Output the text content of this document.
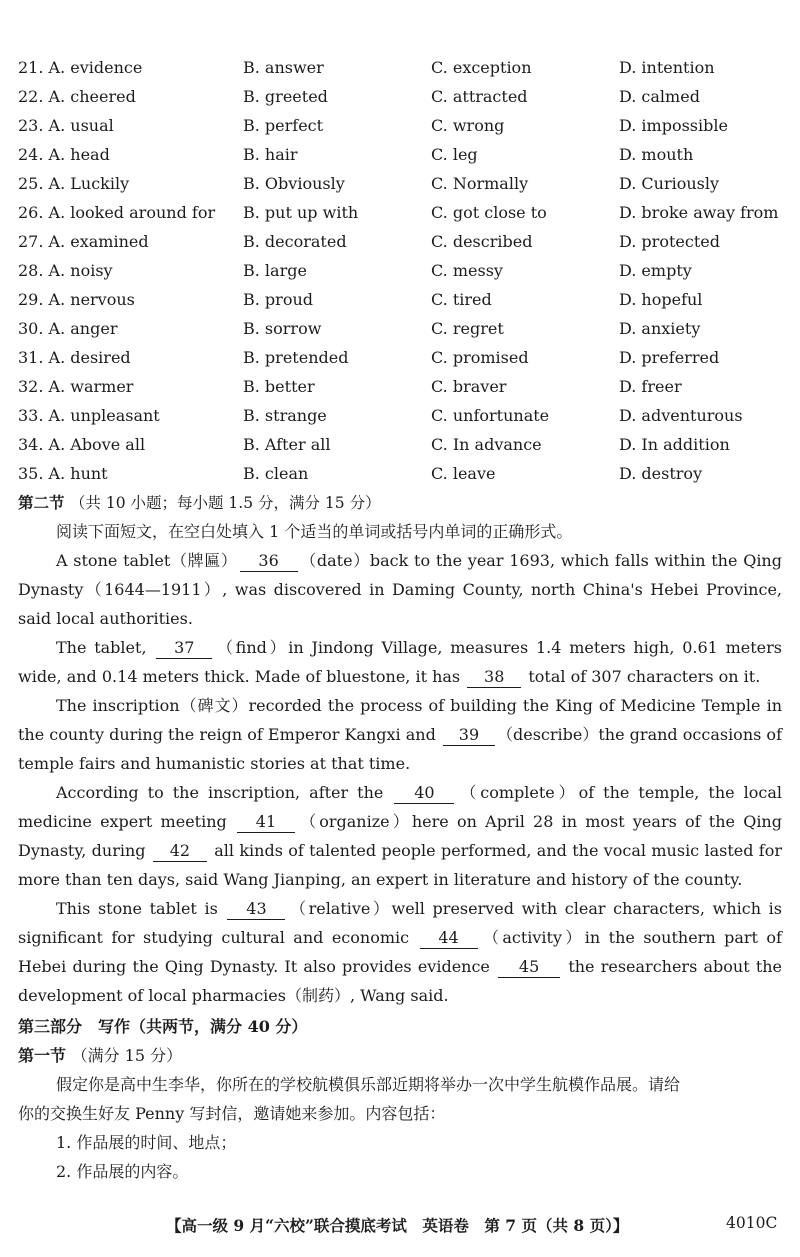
21. A. evidence	B. answer	C. exception	D. intention
22. A. cheered	B. greeted	C. attracted	D. calmed
23. A. usual	B. perfect	C. wrong	D. impossible
24. A. head	B. hair	C. leg	D. mouth
25. A. Luckily	B. Obviously	C. Normally	D. Curiously
26. A. looked around for	B. put up with	C. got close to	D. broke away from
27. A. examined	B. decorated	C. described	D. protected
28. A. noisy	B. large	C. messy	D. empty
29. A. nervous	B. proud	C. tired	D. hopeful
30. A. anger	B. sorrow	C. regret	D. anxiety
31. A. desired	B. pretended	C. promised	D. preferred
32. A. warmer	B. better	C. braver	D. freer
33. A. unpleasant	B. strange	C. unfortunate	D. adventurous
34. A. Above all	B. After all	C. In advance	D. In addition
35. A. hunt	B. clean	C. leave	D. destroy
第二节 （共 10 小题；每小题 1.5 分，满分 15 分）
阅读下面短文，在空白处填入 1 个适当的单词或括号内单词的正确形式。
A stone tablet（牌匾） 36 （date）back to the year 1693, which falls within the Qing Dynasty（1644—1911）, was discovered in Daming County, north China's Hebei Province, said local authorities.
The tablet, 37 （find）in Jindong Village, measures 1.4 meters high, 0.61 meters wide, and 0.14 meters thick. Made of bluestone, it has 38 total of 307 characters on it.
The inscription（碑文）recorded the process of building the King of Medicine Temple in the county during the reign of Emperor Kangxi and 39 （describe）the grand occasions of temple fairs and humanistic stories at that time.
According to the inscription, after the 40 （complete）of the temple, the local medicine expert meeting 41 （organize）here on April 28 in most years of the Qing Dynasty, during 42 all kinds of talented people performed, and the vocal music lasted for more than ten days, said Wang Jianping, an expert in literature and history of the county.
This stone tablet is 43 （relative）well preserved with clear characters, which is significant for studying cultural and economic 44 （activity）in the southern part of Hebei during the Qing Dynasty. It also provides evidence 45 the researchers about the development of local pharmacies（制药）, Wang said.
第三部分　写作（共两节，满分 40 分）
第一节 （满分 15 分）
假定你是高中生李华，你所在的学校航模俱乐部近期将举办一次中学生航模作品展。请给
你的交换生好友 Penny 写封信，邀请她来参加。内容包括：
1. 作品展的时间、地点；
2. 作品展的内容。
【高一级 9 月“六校”联合摸底考试　英语卷　第 7 页（共 8 页）】	4010C
